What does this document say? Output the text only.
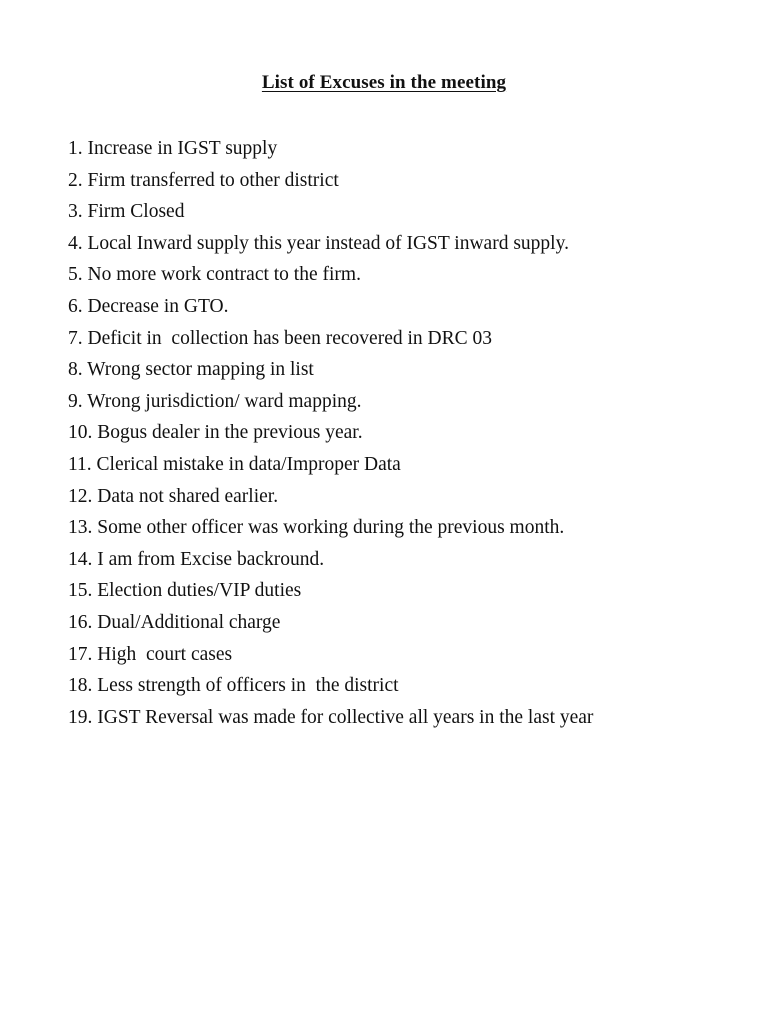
List of Excuses in the meeting
1. Increase in IGST supply
2. Firm transferred to other district
3. Firm Closed
4. Local Inward supply this year instead of IGST inward supply.
5. No more work contract to the firm.
6. Decrease in GTO.
7. Deficit in  collection has been recovered in DRC 03
8. Wrong sector mapping in list
9. Wrong jurisdiction/ ward mapping.
10. Bogus dealer in the previous year.
11. Clerical mistake in data/Improper Data
12. Data not shared earlier.
13. Some other officer was working during the previous month.
14. I am from Excise backround.
15. Election duties/VIP duties
16. Dual/Additional charge
17. High  court cases
18. Less strength of officers in  the district
19. IGST Reversal was made for collective all years in the last year
